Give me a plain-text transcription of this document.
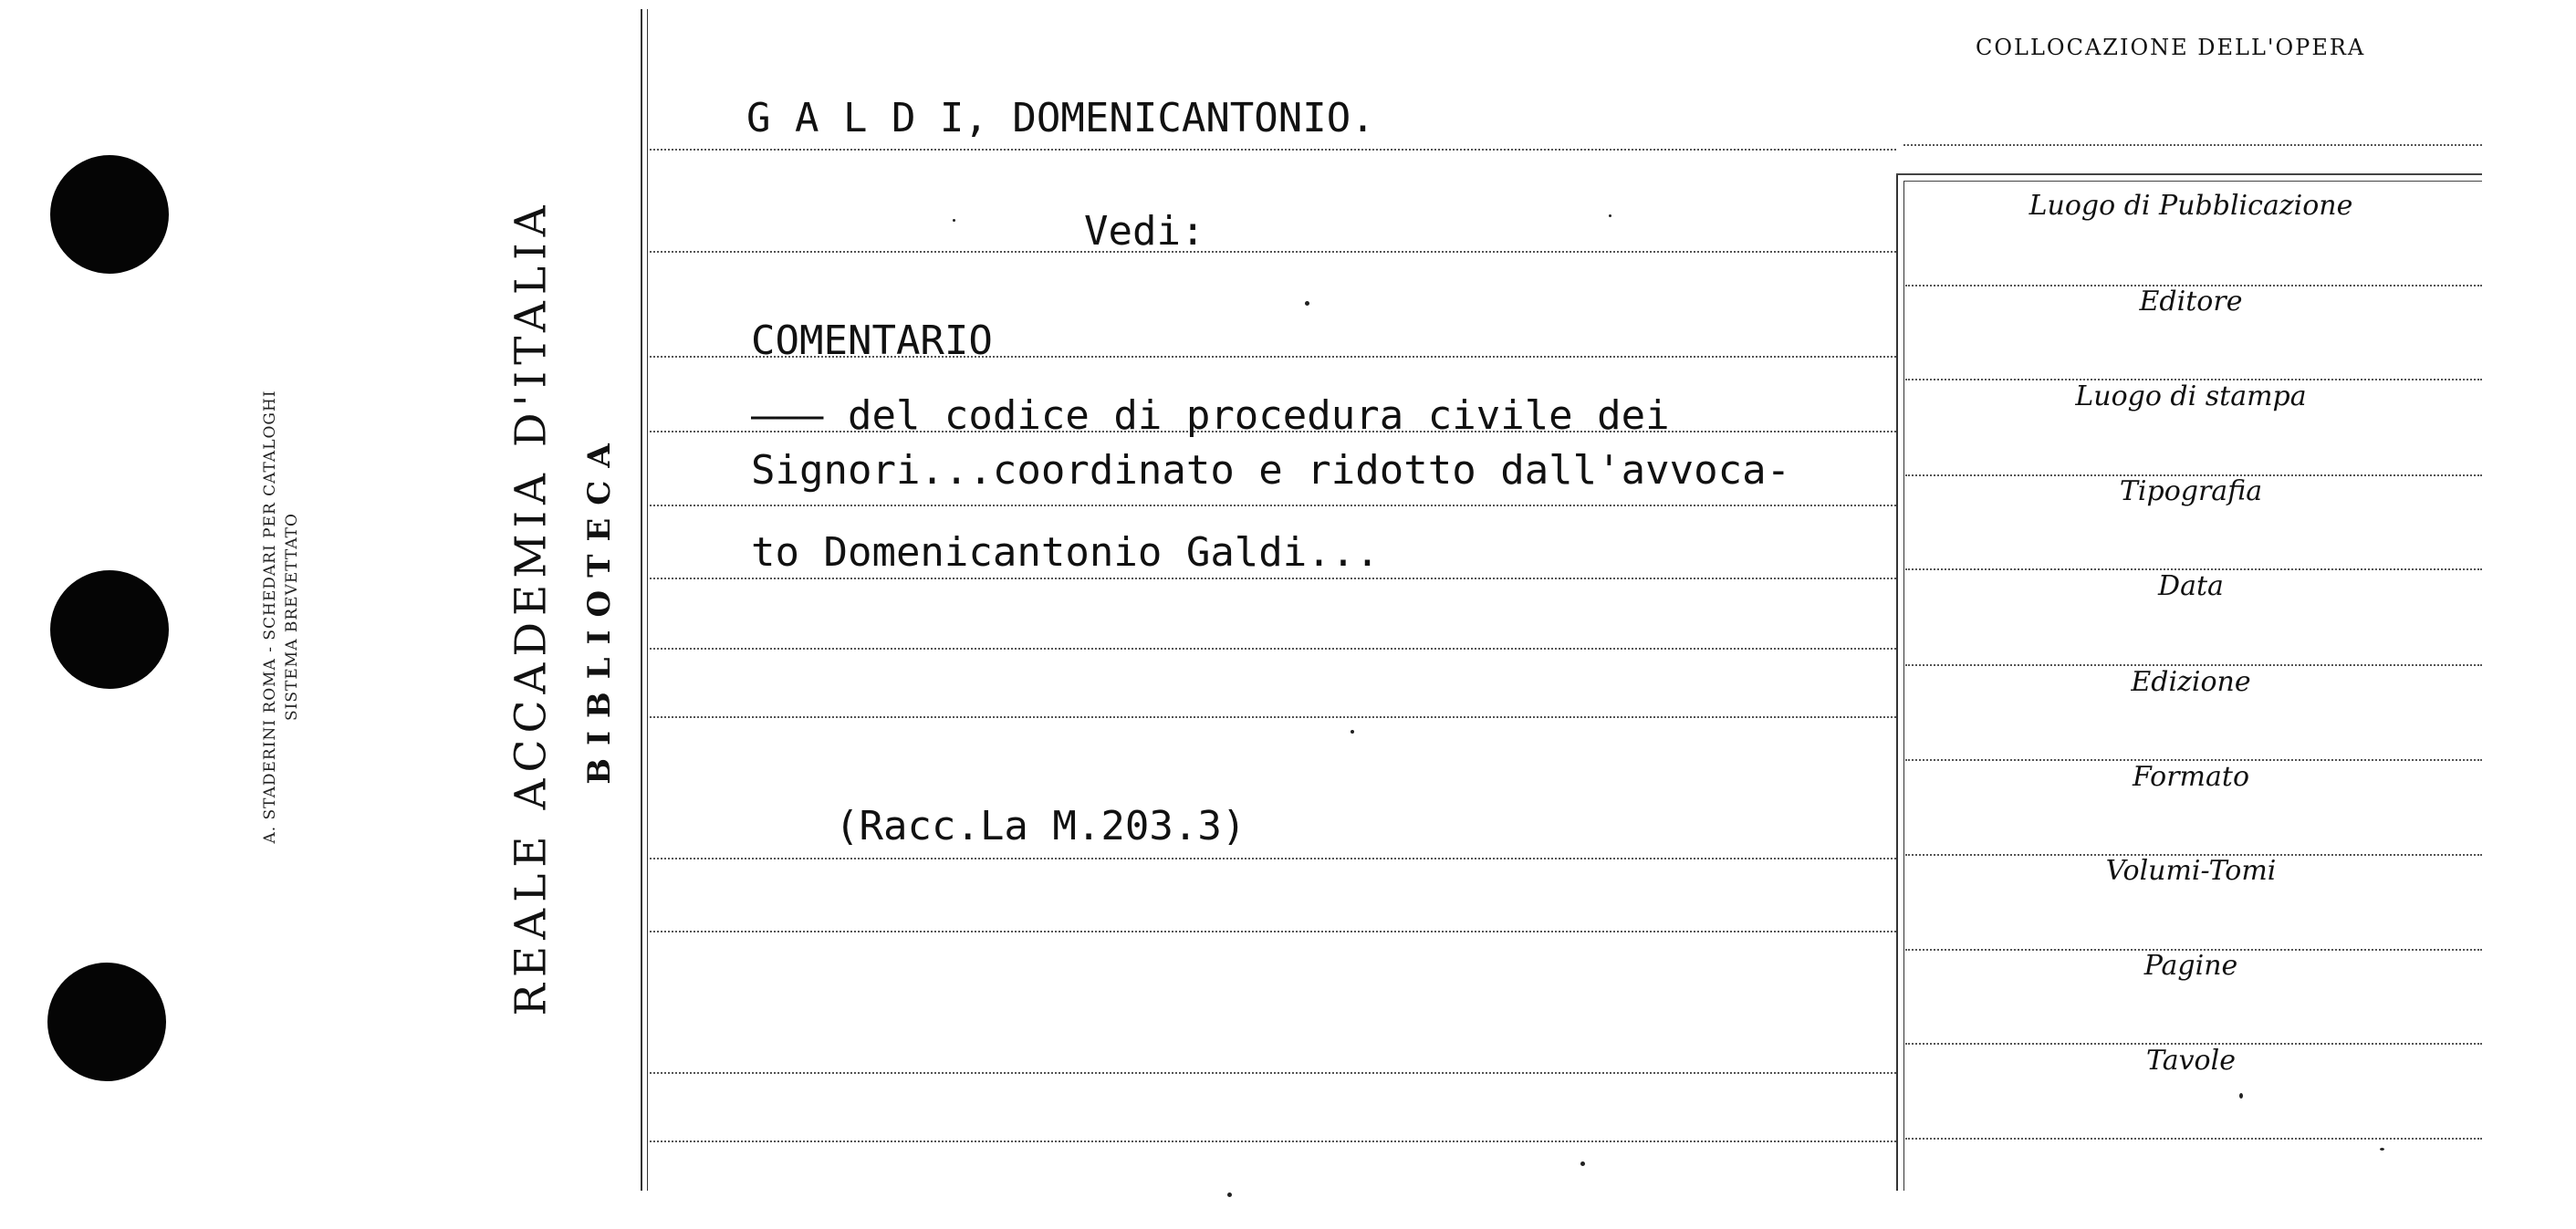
A. STADERINI ROMA - SCHEDARI PER CATALOGHI SISTEMA BREVETTATO	REALE ACCADEMIA D'ITALIA BIBLIOTECA
COLLOCAZIONE DELL'OPERA
Luogo di Pubblicazione
Editore
Luogo di stampa
Tipografia
Data
Edizione
Formato
Volumi-Tomi
Pagine
Tavole
G A L D I, DOMENICANTONIO.
Vedi:
COMENTARIO
——— del codice di procedura civile dei
Signori...coordinato e ridotto dall'avvoca-
to Domenicantonio Galdi...
(Racc.La M.203.3)
